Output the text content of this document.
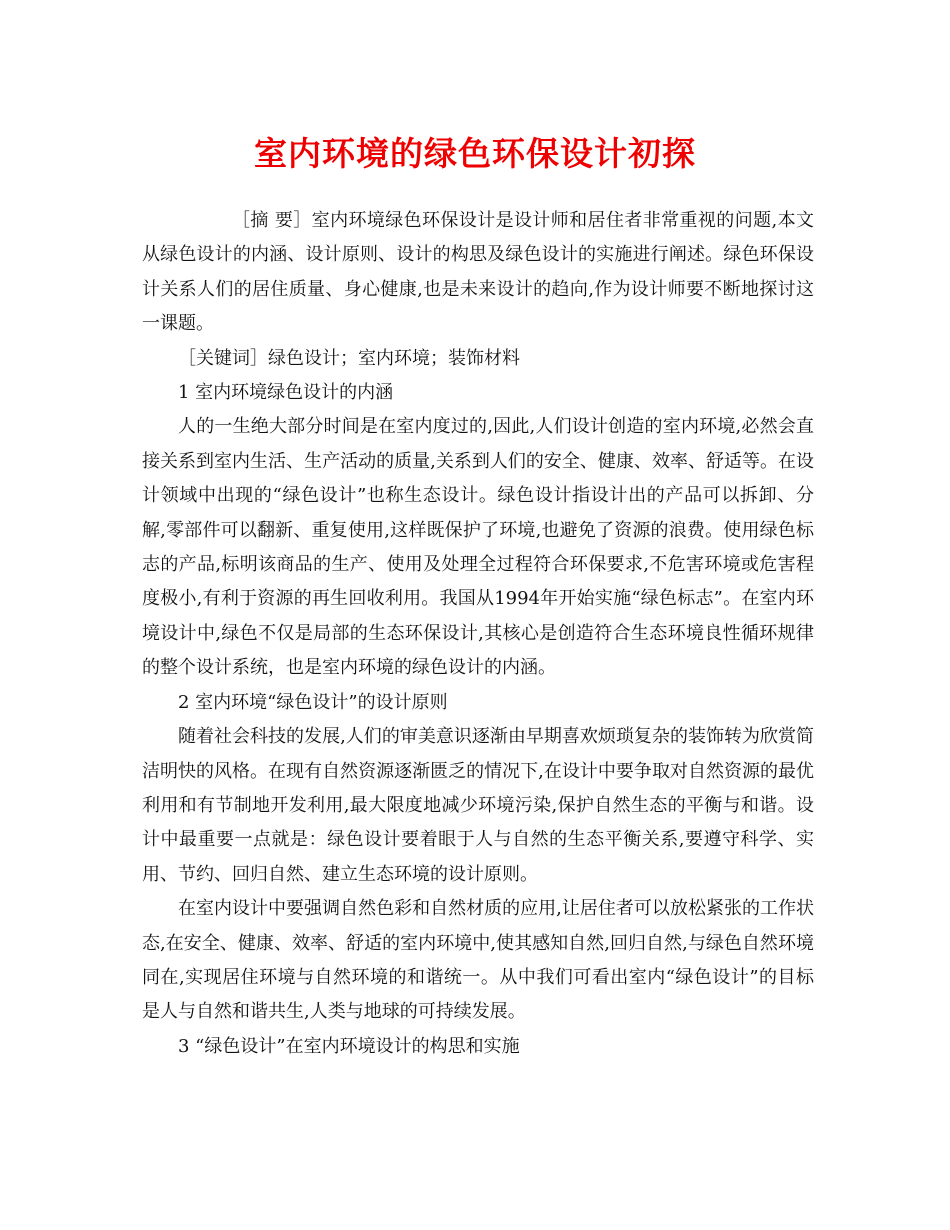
室内环境的绿色环保设计初探

［摘 要］室内环境绿色环保设计是设计师和居住者非常重视的问题,本文从绿色设计的内涵、设计原则、设计的构思及绿色设计的实施进行阐述。绿色环保设计关系人们的居住质量、身心健康,也是未来设计的趋向,作为设计师要不断地探讨这一课题。

［关键词］绿色设计；室内环境；装饰材料

1 室内环境绿色设计的内涵

人的一生绝大部分时间是在室内度过的,因此,人们设计创造的室内环境,必然会直接关系到室内生活、生产活动的质量,关系到人们的安全、健康、效率、舒适等。在设计领域中出现的“绿色设计”也称生态设计。绿色设计指设计出的产品可以拆卸、分解,零部件可以翻新、重复使用,这样既保护了环境,也避免了资源的浪费。使用绿色标志的产品,标明该商品的生产、使用及处理全过程符合环保要求,不危害环境或危害程度极小,有利于资源的再生回收利用。我国从1994年开始实施“绿色标志”。在室内环境设计中,绿色不仅是局部的生态环保设计,其核心是创造符合生态环境良性循环规律的整个设计系统，也是室内环境的绿色设计的内涵。

2 室内环境“绿色设计”的设计原则

随着社会科技的发展,人们的审美意识逐渐由早期喜欢烦琐复杂的装饰转为欣赏简洁明快的风格。在现有自然资源逐渐匮乏的情况下,在设计中要争取对自然资源的最优利用和有节制地开发利用,最大限度地减少环境污染,保护自然生态的平衡与和谐。设计中最重要一点就是：绿色设计要着眼于人与自然的生态平衡关系,要遵守科学、实用、节约、回归自然、建立生态环境的设计原则。

在室内设计中要强调自然色彩和自然材质的应用,让居住者可以放松紧张的工作状态,在安全、健康、效率、舒适的室内环境中,使其感知自然,回归自然,与绿色自然环境同在,实现居住环境与自然环境的和谐统一。从中我们可看出室内“绿色设计”的目标是人与自然和谐共生,人类与地球的可持续发展。

3 “绿色设计”在室内环境设计的构思和实施
